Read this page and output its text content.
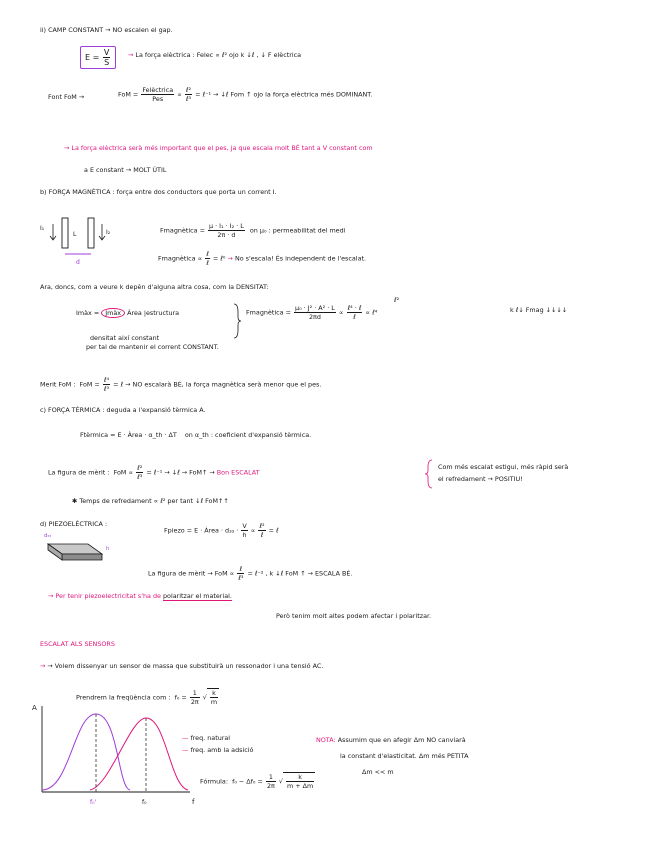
ii) CAMP CONSTANT → NO escalen el gap.
$E = \frac{V}{S}$	→ La força elèctrica : Felec ∝ ℓ² ojo k ↓ℓ , ↓ F elèctrica
Font FoM →	FoM = $\frac{\text{Felèctrica}}{\text{Pes}} \propto \frac{\text{ℓ²}}{\text{ℓ³}}$ = ℓ⁻¹ → ↓ℓ Fom ↑ ojo la força elèctrica més DOMINANT.
→ La força elèctrica serà més important que el pes, ja que escala molt BÉ tant a V constant com
a E constant → MOLT ÚTIL
b) FORÇA MAGNÈTICA : força entre dos conductors que porta un corrent I.
I₁
L	I₂
d
Fmagnètica = $\frac{\text{μ · I₁ · I₂ · L}}{2\pi \cdot d}$ on μ₀ : permeabilitat del medi
Fmagnètica ∝ $\frac{\text{ℓ}}{\text{ℓ}}$ = ℓ⁰ → No s'escala! És independent de l'escalat.
Ara, doncs, com a veure k depèn d'alguna altra cosa, com la DENSITAT:
Imàx = Jmàx Àrea |estructura
densitat així constant
per tal de mantenir el corrent CONSTANT.
Fmagnètica = $\frac{\text{μ₀ · J² · A² · L}}{2\pi d} \propto \frac{\text{ℓ⁴ · ℓ}}{\text{ℓ}}$ ∝ ℓ⁴
ℓ²
k ℓ↓ Fmag ↓↓↓↓
Merit FoM : FoM = $\frac{\text{ℓ⁴}}{\text{ℓ³}}$ = ℓ → NO escalarà BÉ, la força magnètica serà menor que el pes.
c) FORÇA TÈRMICA : deguda a l'expansió tèrmica A.
Ftèrmica = E · Àrea · α_th · ΔT on α_th : coeficient d'expansió tèrmica.
La figura de mèrit : FoM ∝ $\frac{\text{ℓ²}}{\text{ℓ³}}$ = ℓ⁻¹ → ↓ℓ → FoM↑ → Bon ESCALAT
Com més escalat estigui, més ràpid serà
el refredament → POSITIU!
✱ Temps de refredament ∝ ℓ² per tant ↓ℓ FoM↑↑
d) PIEZOELÈCTRICA :
d₃₃
h
Fpiezo = E · Àrea · $d_{33} \cdot \frac{V}{h} \propto \frac{\text{ℓ²}}{\text{ℓ}}$ = ℓ
La figura de mèrit → FoM ∝ $\frac{\text{ℓ}}{\text{ℓ³}}$ = ℓ⁻² , k ↓ℓ FoM ↑ → ESCALA BÉ.
→ Per tenir piezoelectricitat s'ha de polaritzar el material.
Però tenim molt altes podem afectar i polaritzar.
ESCALAT ALS SENSORS
→ → Volem dissenyar un sensor de massa que substituirà un ressonador i una tensió AC.
Prendrem la freqüència com : $f_0 = \frac{1}{2\pi}$ √ $\frac{k}{m}$
A
f₀'	f₀	f
— freq. natural
— freq. amb la adsició
NOTA: Assumim que en afegir Δm NO canviarà
la constant d'elasticitat. Δm més PETITA
Δm << m
Fórmula: $f_0 - \Delta f_0 = \frac{1}{2\pi}$ √ $\frac{k}{m + \Delta m}$
